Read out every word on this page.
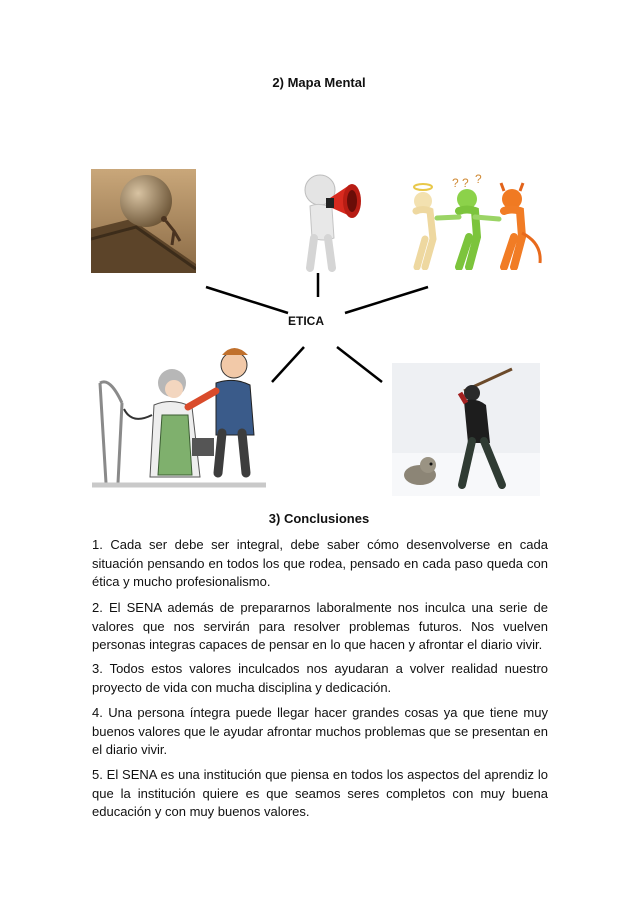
2) Mapa Mental
? ? ?
ETICA
3) Conclusiones

1. Cada ser debe ser integral, debe saber cómo desenvolverse en cada situación pensando en todos los que rodea, pensado en cada paso queda con ética y mucho profesionalismo.

2. El SENA además de prepararnos laboralmente nos inculca una serie de valores que nos servirán para resolver problemas futuros. Nos vuelven personas integras capaces de pensar en lo que hacen y afrontar el diario vivir.

3. Todos estos valores inculcados nos ayudaran a volver realidad nuestro proyecto de vida con mucha disciplina y dedicación.

4. Una persona íntegra puede llegar hacer grandes cosas ya que tiene muy buenos valores que le ayudar afrontar muchos problemas que se presentan en el diario vivir.

5. El SENA es una institución que piensa en todos los aspectos del aprendiz lo que la institución quiere es que seamos seres completos con muy buena educación y con muy buenos valores.
